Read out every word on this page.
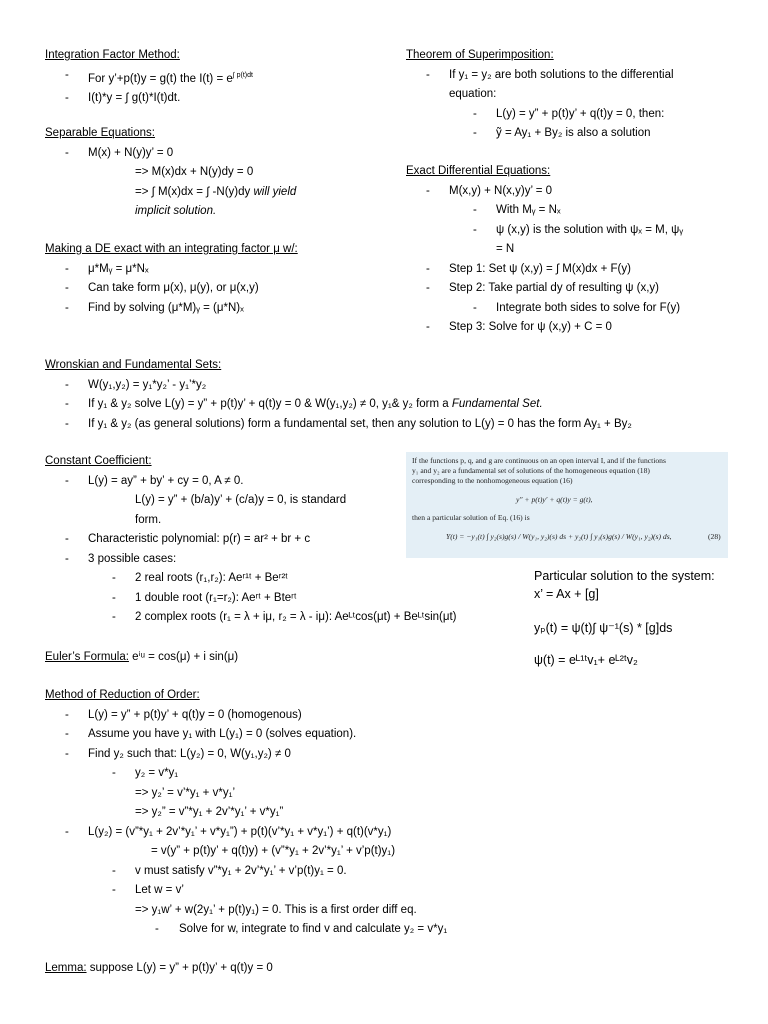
Integration Factor Method:
- For y’+p(t)y = g(t) the $I(t) = e^{\int p(t)dt}$
- I(t)*y = ∫ g(t)*I(t)dt.
Separable Equations:
- M(x) + N(y)y’ = 0
=> M(x)dx + N(y)dy = 0
=> ∫ M(x)dx = ∫ -N(y)dy will yield
implicit solution.
Making a DE exact with an integrating factor μ w/:
- μ*Mᵧ = μ*Nₓ
- Can take form μ(x), μ(y), or μ(x,y)
- Find by solving (μ*M)ᵧ = (μ*N)ₓ
Theorem of Superimposition:
- If y₁ = y₂ are both solutions to the differential
equation:
- L(y) = y” + p(t)y’ + q(t)y = 0, then:
- ỹ = Ay₁ + By₂ is also a solution
Exact Differential Equations:
- M(x,y) + N(x,y)y’ = 0
- With Mᵧ = Nₓ
- ψ (x,y) is the solution with ψₓ = M, ψᵧ
= N
- Step 1: Set ψ (x,y) = ∫ M(x)dx + F(y)
- Step 2: Take partial dy of resulting ψ (x,y)
- Integrate both sides to solve for F(y)
- Step 3: Solve for ψ (x,y) + C = 0
Wronskian and Fundamental Sets:
- W(y₁,y₂) = y₁*y₂’ - y₁’*y₂
- If y₁ & y₂ solve L(y) = y” + p(t)y’ + q(t)y = 0 & W(y₁,y₂) ≠ 0, y₁& y₂ form a Fundamental Set.
- If y₁ & y₂ (as general solutions) form a fundamental set, then any solution to L(y) = 0 has the form Ay₁ + By₂
Constant Coefficient:
- L(y) = ay” + by’ + cy = 0, A ≠ 0.
L(y) = y” + (b/a)y’ + (c/a)y = 0, is standard
form.
- Characteristic polynomial: p(r) = ar² + br + c
- 3 possible cases:
- 2 real roots (r₁,r₂): Aeʳ¹ᵗ + Beʳ²ᵗ
- 1 double root (r₁=r₂): Aeʳᵗ + Bteʳᵗ
- 2 complex roots (r₁ = λ + iμ, r₂ = λ - iμ): Aeᴸᵗcos(μt) + Beᴸᵗsin(μt)
Euler’s Formula: eⁱᵘ = cos(μ) + i sin(μ)
Method of Reduction of Order:
- L(y) = y” + p(t)y’ + q(t)y = 0 (homogenous)
- Assume you have y₁ with L(y₁) = 0 (solves equation).
- Find y₂ such that: L(y₂) = 0, W(y₁,y₂) ≠ 0
- y₂ = v*y₁
=> y₂’ = v’*y₁ + v*y₁’
=> y₂” = v”*y₁ + 2v’*y₁’ + v*y₁”
- L(y₂) = (v”*y₁ + 2v’*y₁’ + v*y₁”) + p(t)(v’*y₁ + v*y₁’) + q(t)(v*y₁)
= v(y” + p(t)y’ + q(t)y) + (v”*y₁ + 2v’*y₁’ + v’p(t)y₁)
- v must satisfy v”*y₁ + 2v’*y₁’ + v’p(t)y₁ = 0.
- Let w = v’
=> y₁w’ + w(2y₁’ + p(t)y₁) = 0. This is a first order diff eq.
- Solve for w, integrate to find v and calculate y₂ = v*y₁
Lemma: suppose L(y) = y” + p(t)y’ + q(t)y = 0
If the functions p, q, and g are continuous on an open interval I, and if the functions
y₁ and y₂ are a fundamental set of solutions of the homogeneous equation (18)
corresponding to the nonhomogeneous equation (16)
y″ + p(t)y′ + q(t)y = g(t),
then a particular solution of Eq. (16) is
Y(t) = −y₁(t) ∫ y₂(s)g(s) / W(y₁, y₂)(s) ds + y₂(t) ∫ y₁(s)g(s) / W(y₁, y₂)(s) ds,	(28)
Particular solution to the system:
x’ = Ax + [g]
yₚ(t) = ψ(t)∫ ψ⁻¹(s) * [g]ds
ψ(t) = eᴸ¹ᵗv₁+ eᴸ²ᵗv₂
